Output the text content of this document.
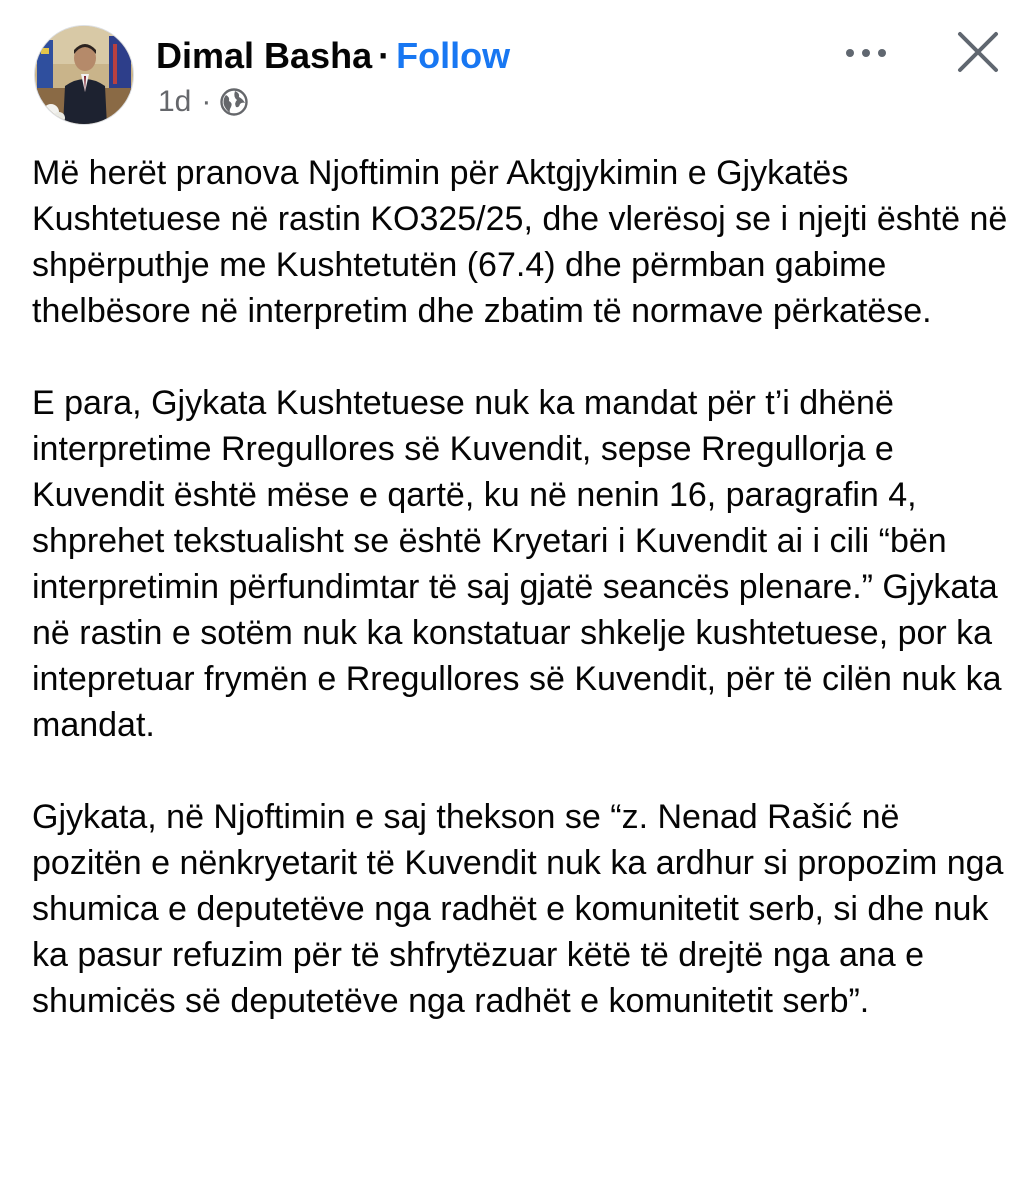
Dimal Basha · Follow
1d ·

Më herët pranova Njoftimin për Aktgjykimin e Gjykatës Kushtetuese në rastin KO325/25, dhe vlerësoj se i njejti është në shpërputhje me Kushtetutën (67.4) dhe përmban gabime thelbësore në interpretim dhe zbatim të normave përkatëse.

E para, Gjykata Kushtetuese nuk ka mandat për t’i dhënë interpretime Rregullores së Kuvendit, sepse Rregullorja e Kuvendit është mëse e qartë, ku në nenin 16, paragrafin 4, shprehet tekstualisht se është Kryetari i Kuvendit ai i cili “bën interpretimin përfundimtar të saj gjatë seancës plenare.” Gjykata në rastin e sotëm nuk ka konstatuar shkelje kushtetuese, por ka intepretuar frymën e Rregullores së Kuvendit, për të cilën nuk ka mandat.

Gjykata, në Njoftimin e saj thekson se “z. Nenad Rašić në pozitën e nënkryetarit të Kuvendit nuk ka ardhur si propozim nga shumica e deputetëve nga radhët e komunitetit serb, si dhe nuk ka pasur refuzim për të shfrytëzuar këtë të drejtë nga ana e shumicës së deputetëve nga radhët e komunitetit serb”.
